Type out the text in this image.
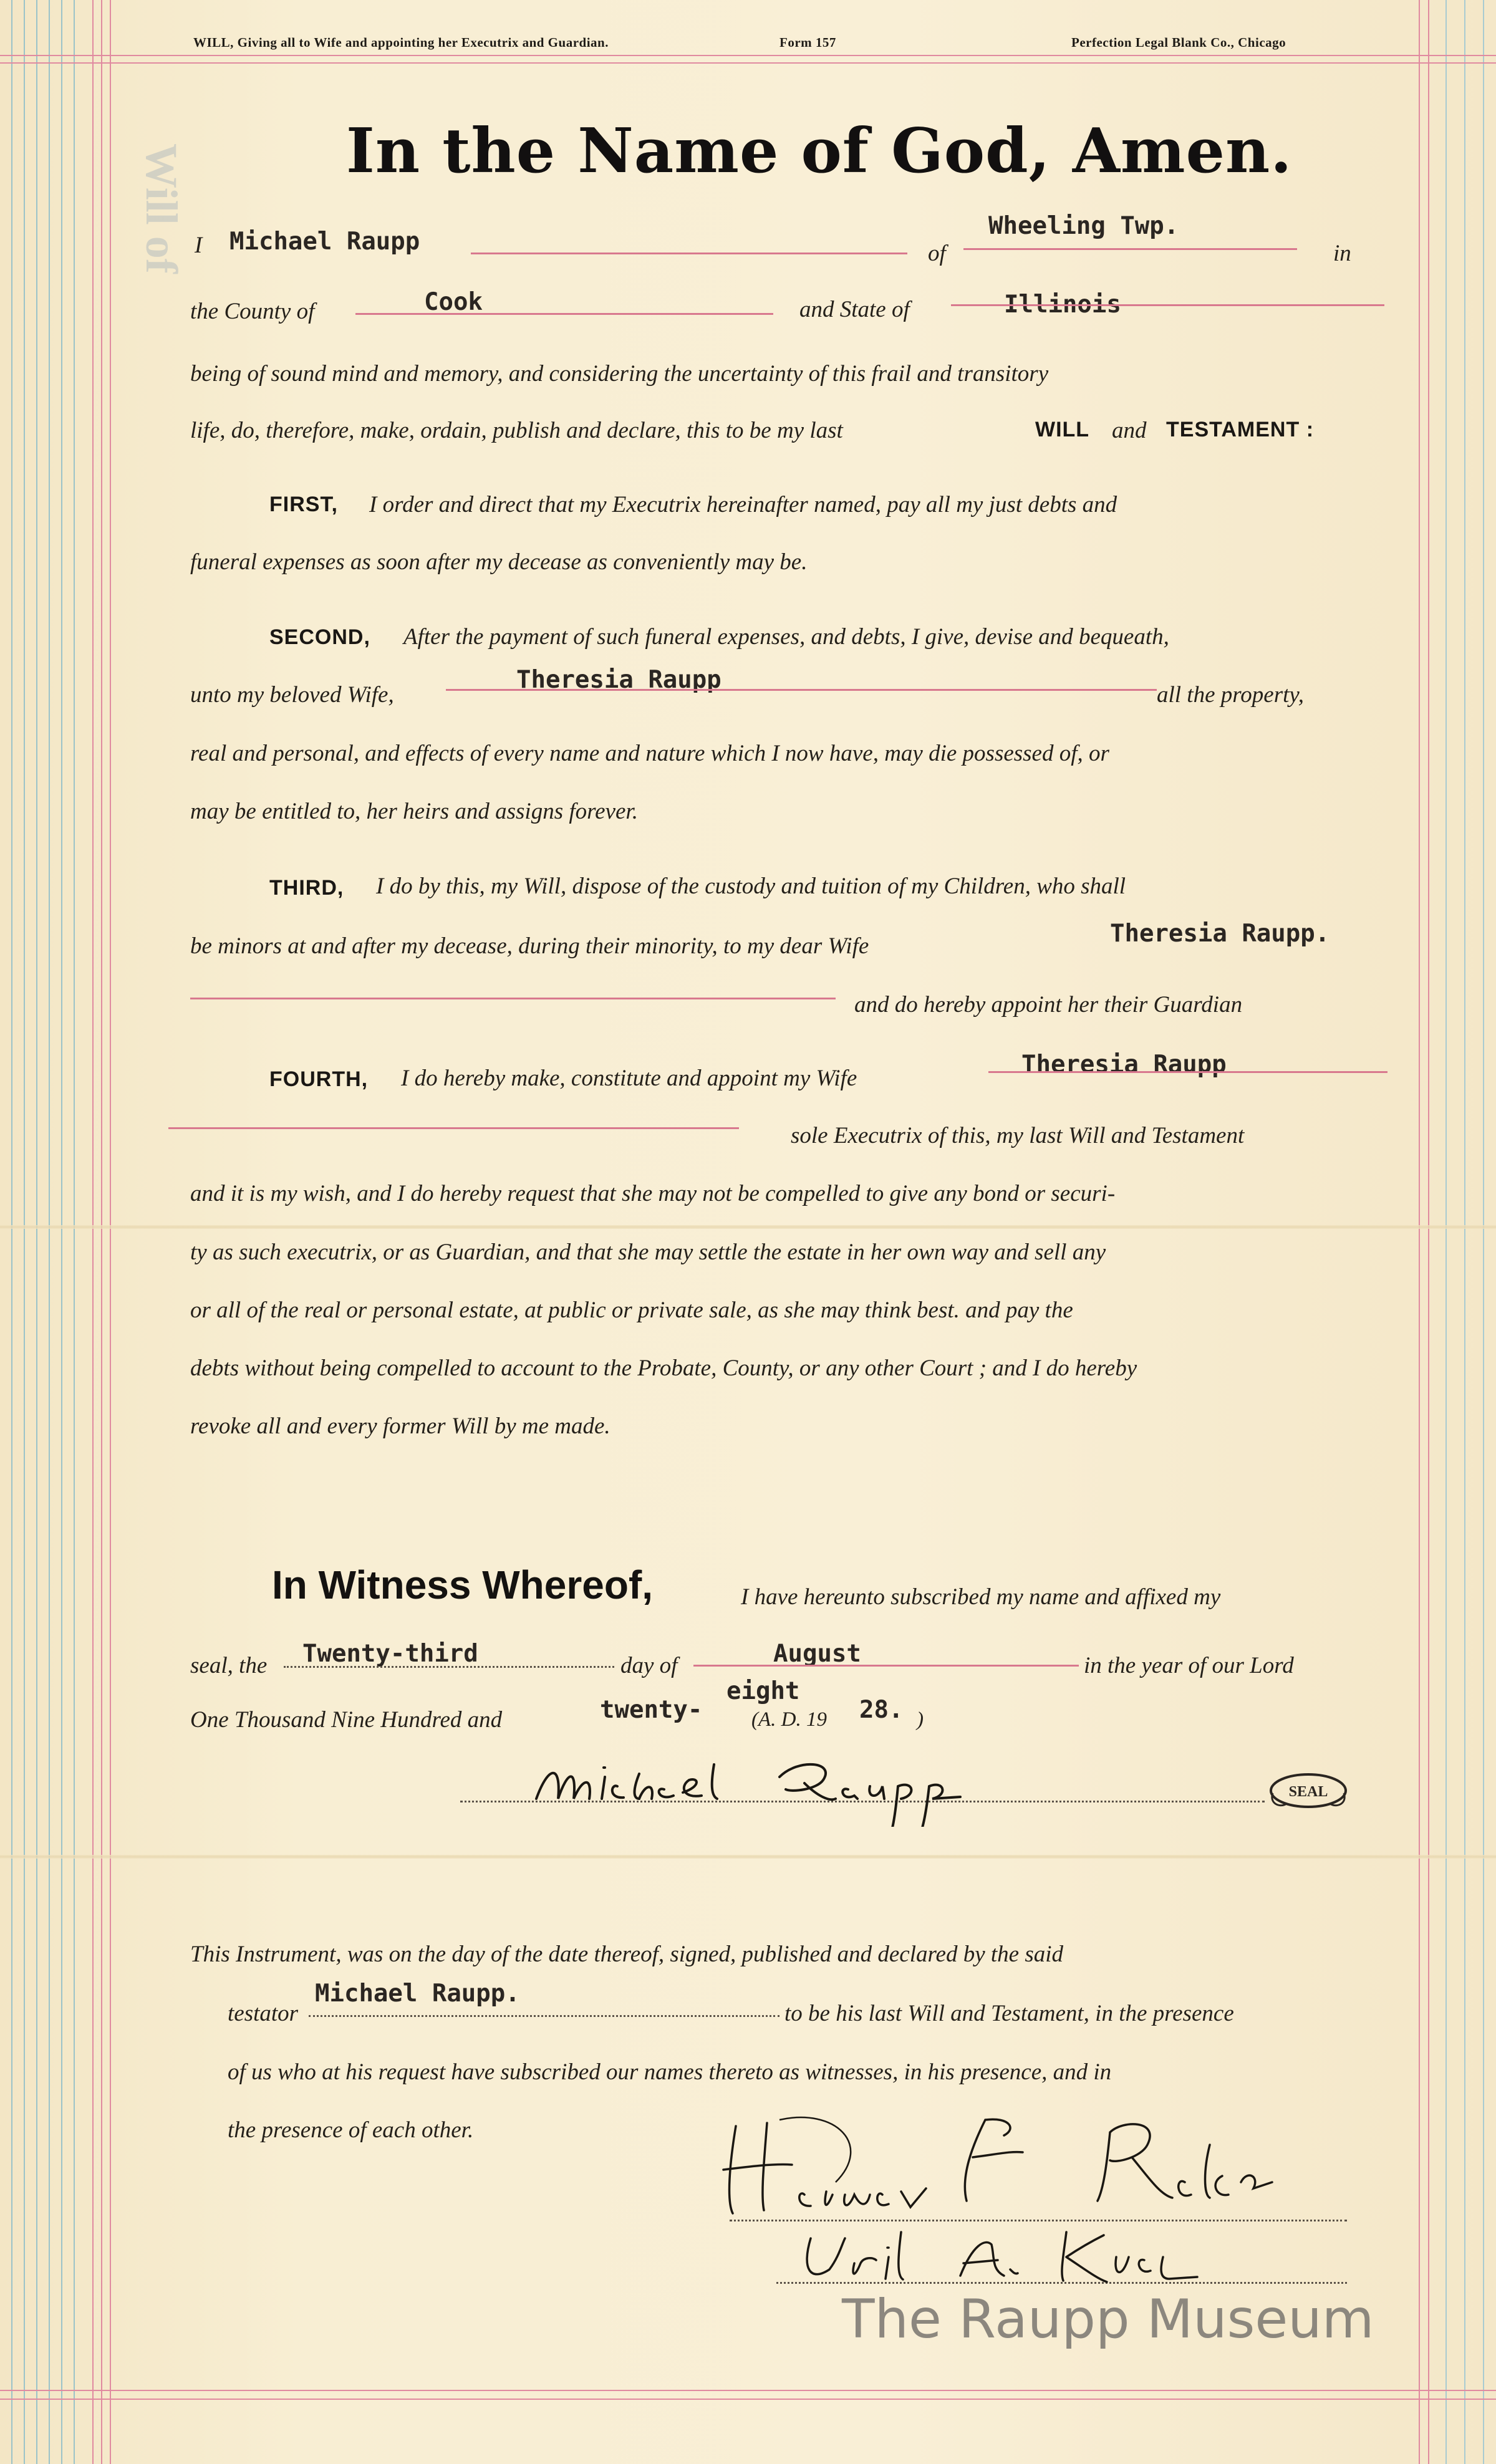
Will of
WILL, Giving all to Wife and appointing her Executrix and Guardian.	Form 157	Perfection Legal Blank Co., Chicago
In the Name of God, Amen.
I Michael Raupp	of
Wheeling Twp.
in
the County of	Cook	and State of	Illinois
being of sound mind and memory, and considering the uncertainty of this frail and transitory
life, do, therefore, make, ordain, publish and declare, this to be my last	WILL and TESTAMENT :
FIRST, I order and direct that my Executrix hereinafter named, pay all my just debts and
funeral expenses as soon after my decease as conveniently may be.
SECOND, After the payment of such funeral expenses, and debts, I give, devise and bequeath,
unto my beloved Wife,
Theresia Raupp
all the property,
real and personal, and effects of every name and nature which I now have, may die possessed of, or
may be entitled to, her heirs and assigns forever.
THIRD, I do by this, my Will, dispose of the custody and tuition of my Children, who shall
be minors at and after my decease, during their minority, to my dear Wife	Theresia Raupp.
and do hereby appoint her their Guardian
FOURTH, I do hereby make, constitute and appoint my Wife	Theresia Raupp
sole Executrix of this, my last Will and Testament
and it is my wish, and I do hereby request that she may not be compelled to give any bond or securi-
ty as such executrix, or as Guardian, and that she may settle the estate in her own way and sell any
or all of the real or personal estate, at public or private sale, as she may think best. and pay the
debts without being compelled to account to the Probate, County, or any other Court ; and I do hereby
revoke all and every former Will by me made.
In Witness Whereof,	I have hereunto subscribed my name and affixed my
seal, the Twenty-third	day of	August	in the year of our Lord
One Thousand Nine Hundred and	twenty-
eight
(A. D. 19 28. )
SEAL
This Instrument, was on the day of the date thereof, signed, published and declared by the said
testator
Michael Raupp.
to be his last Will and Testament, in the presence
of us who at his request have subscribed our names thereto as witnesses, in his presence, and in
the presence of each other.
The Raupp Museum
